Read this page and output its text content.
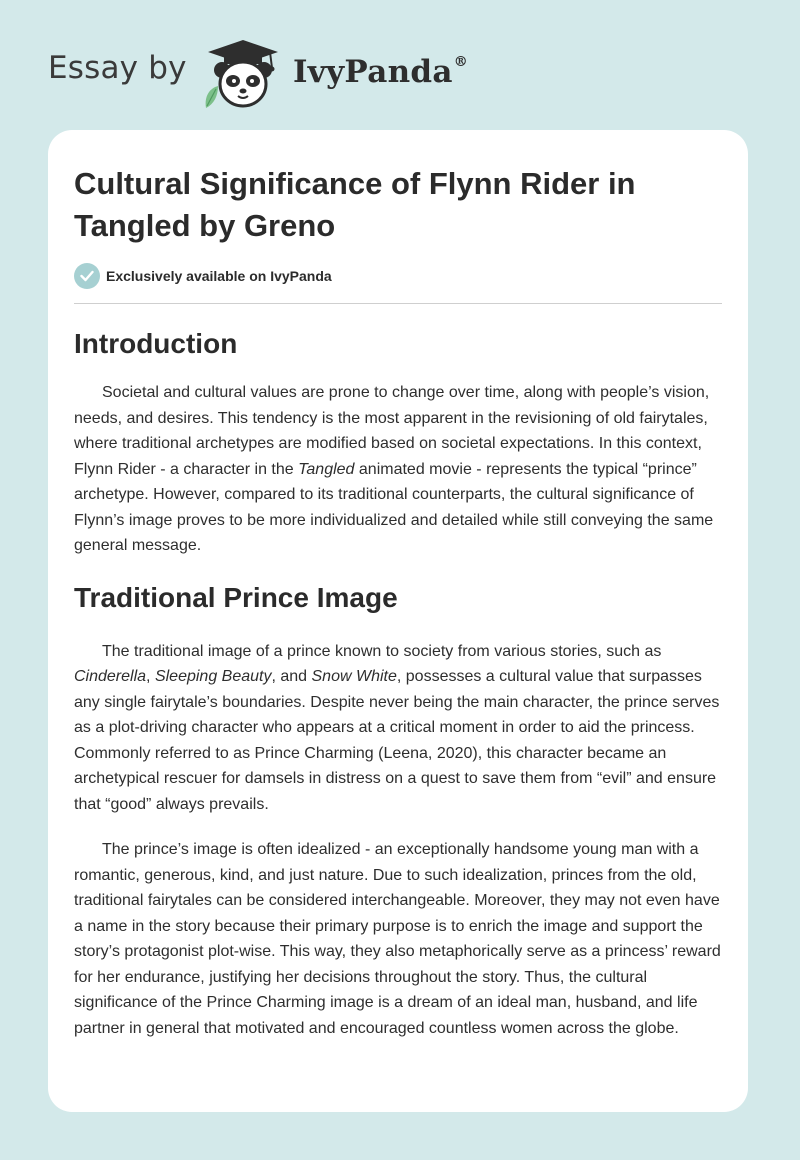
Essay by	IvyPanda®
Cultural Significance of Flynn Rider in Tangled by Greno
Exclusively available on IvyPanda
Introduction

Societal and cultural values are prone to change over time, along with people’s vision, needs, and desires. This tendency is the most apparent in the revisioning of old fairytales, where traditional archetypes are modified based on societal expectations. In this context, Flynn Rider - a character in the Tangled animated movie - represents the typical “prince” archetype. However, compared to its traditional counterparts, the cultural significance of Flynn’s image proves to be more individualized and detailed while still conveying the same general message.

Traditional Prince Image

The traditional image of a prince known to society from various stories, such as Cinderella, Sleeping Beauty, and Snow White, possesses a cultural value that surpasses any single fairytale’s boundaries. Despite never being the main character, the prince serves as a plot-driving character who appears at a critical moment in order to aid the princess. Commonly referred to as Prince Charming (Leena, 2020), this character became an archetypical rescuer for damsels in distress on a quest to save them from “evil” and ensure that “good” always prevails.

The prince’s image is often idealized - an exceptionally handsome young man with a romantic, generous, kind, and just nature. Due to such idealization, princes from the old, traditional fairytales can be considered interchangeable. Moreover, they may not even have a name in the story because their primary purpose is to enrich the image and support the story’s protagonist plot-wise. This way, they also metaphorically serve as a princess’ reward for her endurance, justifying her decisions throughout the story. Thus, the cultural significance of the Prince Charming image is a dream of an ideal man, husband, and life partner in general that motivated and encouraged countless women across the globe.
